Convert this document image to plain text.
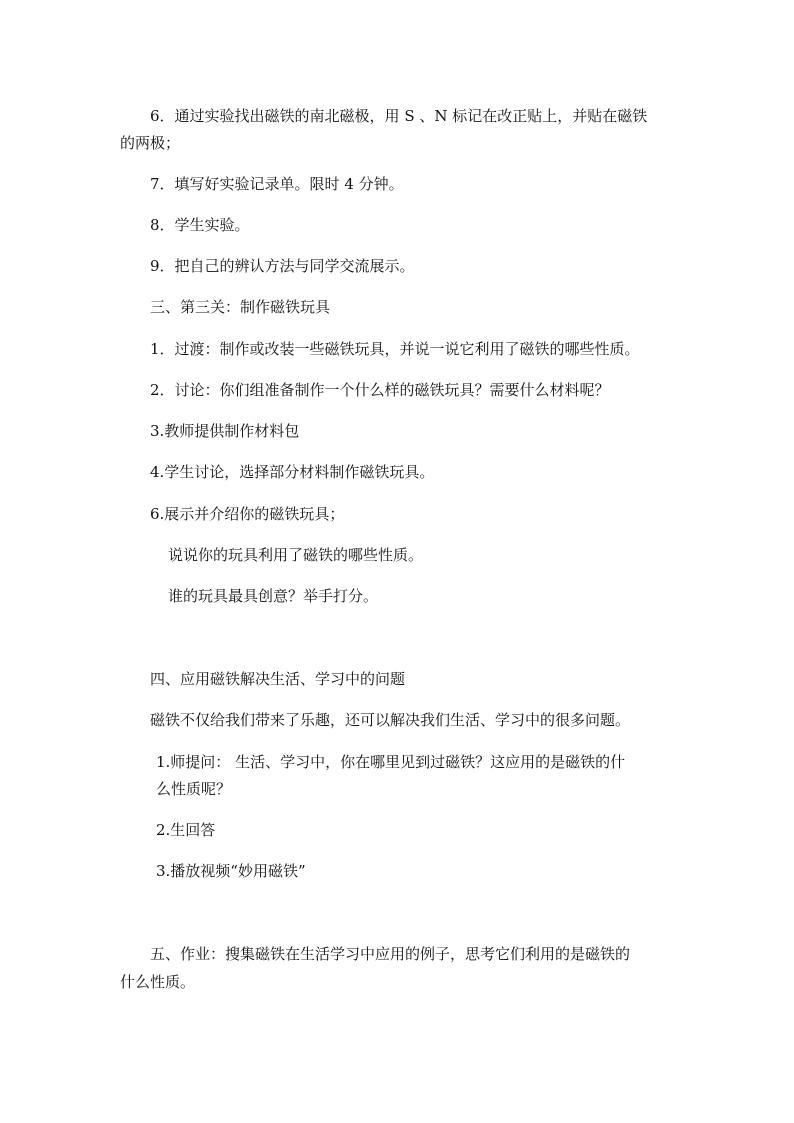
6．通过实验找出磁铁的南北磁极，用 S 、N 标记在改正贴上，并贴在磁铁
的两极；
7．填写好实验记录单。限时 4 分钟。
8．学生实验。
9．把自己的辨认方法与同学交流展示。
三、第三关：制作磁铁玩具
1．过渡：制作或改装一些磁铁玩具，并说一说它利用了磁铁的哪些性质。
2．讨论：你们组准备制作一个什么样的磁铁玩具？需要什么材料呢？
3.教师提供制作材料包
4.学生讨论，选择部分材料制作磁铁玩具。
6.展示并介绍你的磁铁玩具；
说说你的玩具利用了磁铁的哪些性质。
谁的玩具最具创意？举手打分。
四、应用磁铁解决生活、学习中的问题
磁铁不仅给我们带来了乐趣，还可以解决我们生活、学习中的很多问题。
1.师提问： 生活、学习中，你在哪里见到过磁铁？这应用的是磁铁的什
么性质呢？
2.生回答
3.播放视频“妙用磁铁”
五、作业：搜集磁铁在生活学习中应用的例子，思考它们利用的是磁铁的
什么性质。
